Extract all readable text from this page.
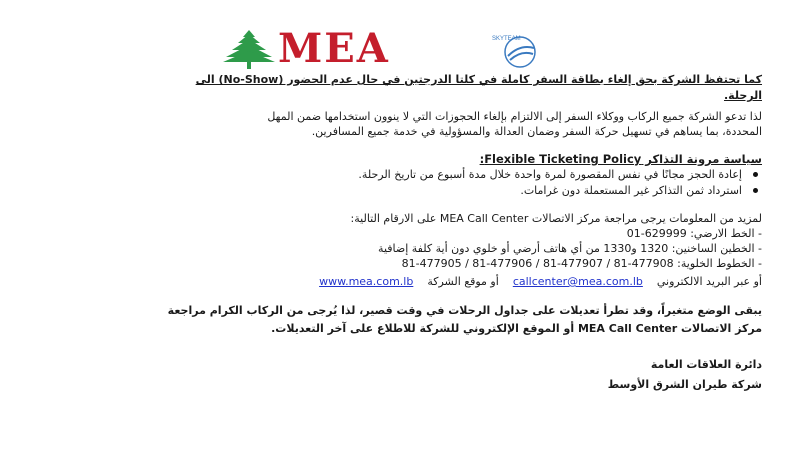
MEA	SKYTEAM
كما تحتفظ الشركة بحق إلغاء بطاقة السفر كاملة في كلتا الدرجتين في حال عدم الحضور (No-Show) الى
الرحلة.
لذا تدعو الشركة جميع الركاب ووكلاء السفر إلى الالتزام بإلغاء الحجوزات التي لا ينوون استخدامها ضمن المهل
المحددة، بما يساهم في تسهيل حركة السفر وضمان العدالة والمسؤولية في خدمة جميع المسافرين.
سياسة مرونة التذاكر Flexible Ticketing Policy:
إعادة الحجز مجانًا في نفس المقصورة لمرة واحدة خلال مدة أسبوع من تاريخ الرحلة.
استرداد ثمن التذاكر غير المستعملة دون غرامات.
لمزيد من المعلومات يرجى مراجعة مركز الاتصالات MEA Call Center على الارقام التالية:
- الخط الارضي: 629999-01
- الخطين الساخنين: 1320 و1330 من أي هاتف أرضي أو خلوي دون أية كلفة إضافية
- الخطوط الخلوية: 477908-81 / 477907-81 / 477906-81 / 477905-81
أو عبر البريد الالكتروني    callcenter@mea.com.lb    أو موقع الشركة    www.mea.com.lb
يبقى الوضع متغيراً، وقد تطرأ تعديلات على جداول الرحلات في وقت قصير، لذا يُرجى من الركاب الكرام مراجعة
مركز الاتصالات MEA Call Center أو الموقع الإلكتروني للشركة للاطلاع على آخر التعديلات.
دائرة العلاقات العامة
شركة طيران الشرق الأوسط
